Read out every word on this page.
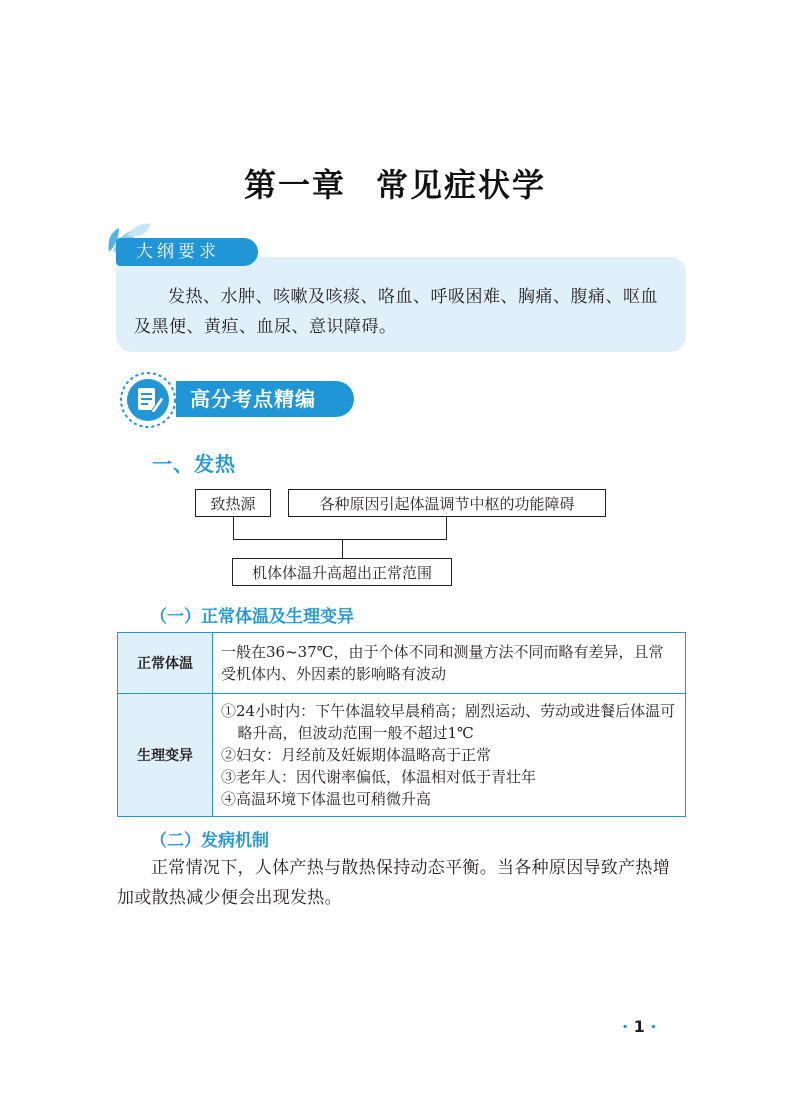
第一章 常见症状学
大纲要求
发热、水肿、咳嗽及咳痰、咯血、呼吸困难、胸痛、腹痛、呕血及黑便、黄疸、血尿、意识障碍。
高分考点精编
一、发热
致热源	各种原因引起体温调节中枢的功能障碍
机体体温升高超出正常范围
（一）正常体温及生理变异
正常体温	一般在36~37℃，由于个体不同和测量方法不同而略有差异，且常受机体内、外因素的影响略有波动
生理变异	①24小时内：下午体温较早晨稍高；剧烈运动、劳动或进餐后体温可略升高，但波动范围一般不超过1℃
②妇女：月经前及妊娠期体温略高于正常
③老年人：因代谢率偏低，体温相对低于青壮年
④高温环境下体温也可稍微升高
（二）发病机制
正常情况下，人体产热与散热保持动态平衡。当各种原因导致产热增加或散热减少便会出现发热。
· 1 ·
